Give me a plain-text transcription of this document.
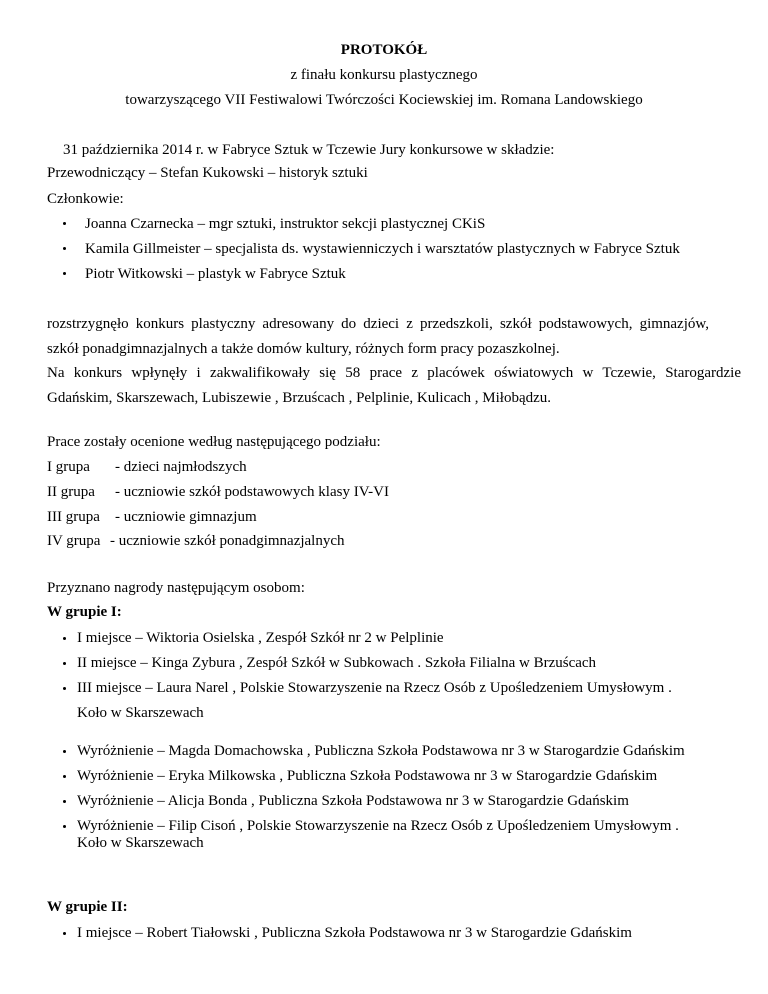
PROTOKÓŁ
z finału konkursu plastycznego
towarzyszącego VII Festiwalowi Twórczości Kociewskiej im. Romana Landowskiego
31 października 2014 r. w Fabryce Sztuk w Tczewie Jury konkursowe w składzie:
Przewodniczący – Stefan Kukowski – historyk sztuki
Członkowie:
Joanna Czarnecka – mgr sztuki, instruktor sekcji plastycznej CKiS
Kamila Gillmeister – specjalista ds. wystawienniczych i warsztatów plastycznych w Fabryce Sztuk
Piotr Witkowski – plastyk w Fabryce Sztuk
rozstrzygnęło konkurs plastyczny adresowany do dzieci z przedszkoli, szkół podstawowych, gimnazjów,
szkół ponadgimnazjalnych a także domów kultury, różnych form pracy pozaszkolnej.
Na konkurs wpłynęły i zakwalifikowały się 58 prace z placówek oświatowych w Tczewie, Starogardzie
Gdańskim, Skarszewach, Lubiszewie , Brzuścach , Pelplinie, Kulicach , Miłobądzu.
Prace zostały ocenione według następującego podziału:
I grupa - dzieci najmłodszych
II grupa - uczniowie szkół podstawowych klasy IV-VI
III grupa - uczniowie gimnazjum
IV grupa - uczniowie szkół ponadgimnazjalnych
Przyznano nagrody następującym osobom:
W grupie I:
I miejsce – Wiktoria Osielska , Zespół Szkół nr 2 w Pelplinie
II miejsce – Kinga Zybura , Zespół Szkół w Subkowach . Szkoła Filialna w Brzuścach
III miejsce – Laura Narel , Polskie Stowarzyszenie na Rzecz Osób z Upośledzeniem Umysłowym .
Koło w Skarszewach
Wyróżnienie – Magda Domachowska , Publiczna Szkoła Podstawowa nr 3 w Starogardzie Gdańskim
Wyróżnienie – Eryka Milkowska , Publiczna Szkoła Podstawowa nr 3 w Starogardzie Gdańskim
Wyróżnienie – Alicja Bonda , Publiczna Szkoła Podstawowa nr 3 w Starogardzie Gdańskim
Wyróżnienie – Filip Cisoń , Polskie Stowarzyszenie na Rzecz Osób z Upośledzeniem Umysłowym .
Koło w Skarszewach
W grupie II:
I miejsce – Robert Tiałowski , Publiczna Szkoła Podstawowa nr 3 w Starogardzie Gdańskim
